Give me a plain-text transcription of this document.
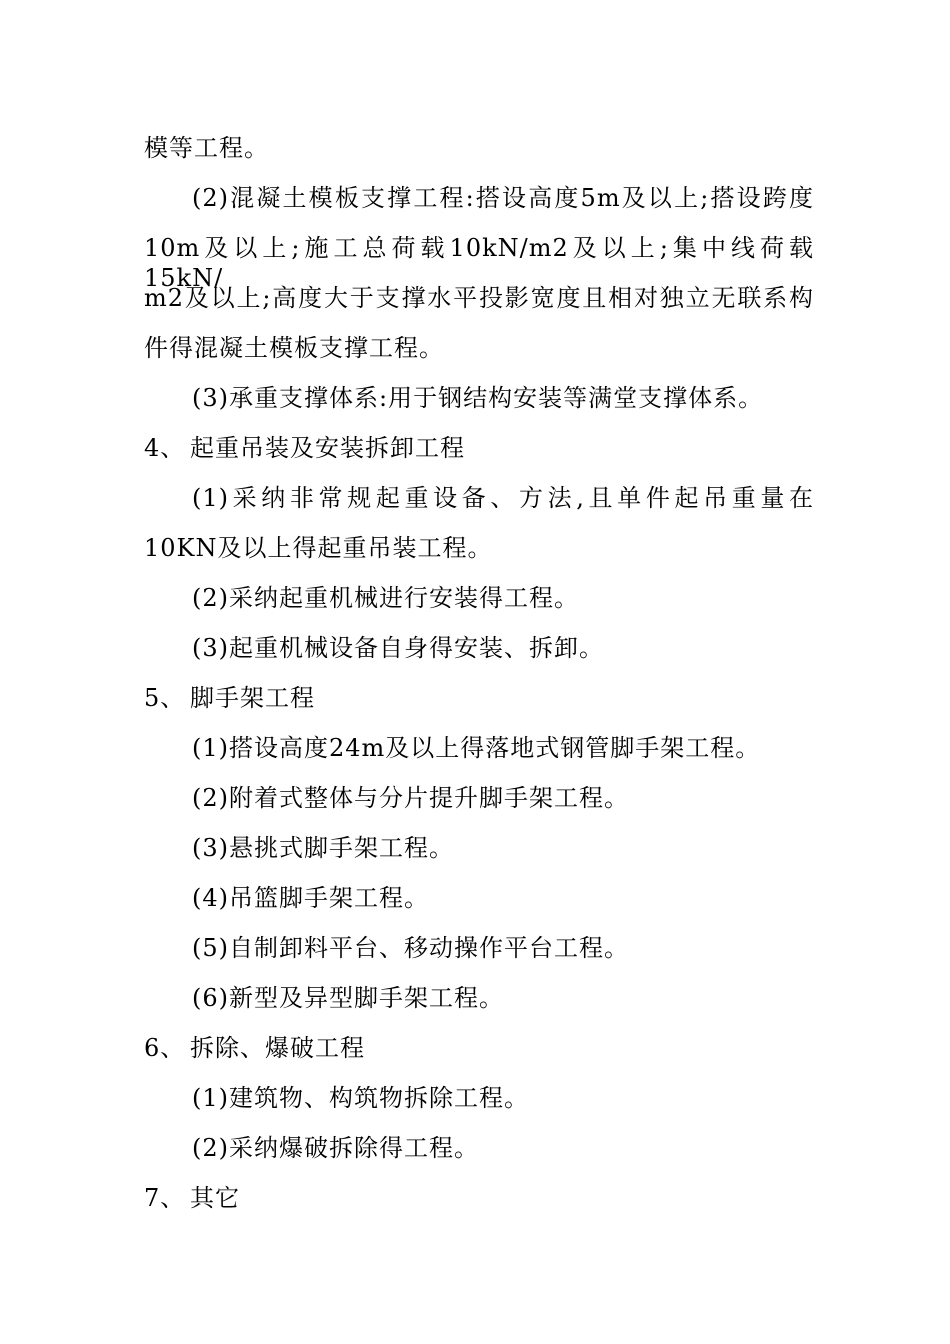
模等工程。
(2)混凝土模板支撑工程:搭设高度5m及以上;搭设跨度
10m及以上;施工总荷载10kN/m2及以上;集中线荷载15kN/
m2及以上;高度大于支撑水平投影宽度且相对独立无联系构
件得混凝土模板支撑工程。
(3)承重支撑体系:用于钢结构安装等满堂支撑体系。
4、 起重吊装及安装拆卸工程
(1)采纳非常规起重设备、方法,且单件起吊重量在
10KN及以上得起重吊装工程。
(2)采纳起重机械进行安装得工程。
(3)起重机械设备自身得安装、拆卸。
5、 脚手架工程
(1)搭设高度24m及以上得落地式钢管脚手架工程。
(2)附着式整体与分片提升脚手架工程。
(3)悬挑式脚手架工程。
(4)吊篮脚手架工程。
(5)自制卸料平台、移动操作平台工程。
(6)新型及异型脚手架工程。
6、 拆除、爆破工程
(1)建筑物、构筑物拆除工程。
(2)采纳爆破拆除得工程。
7、 其它
